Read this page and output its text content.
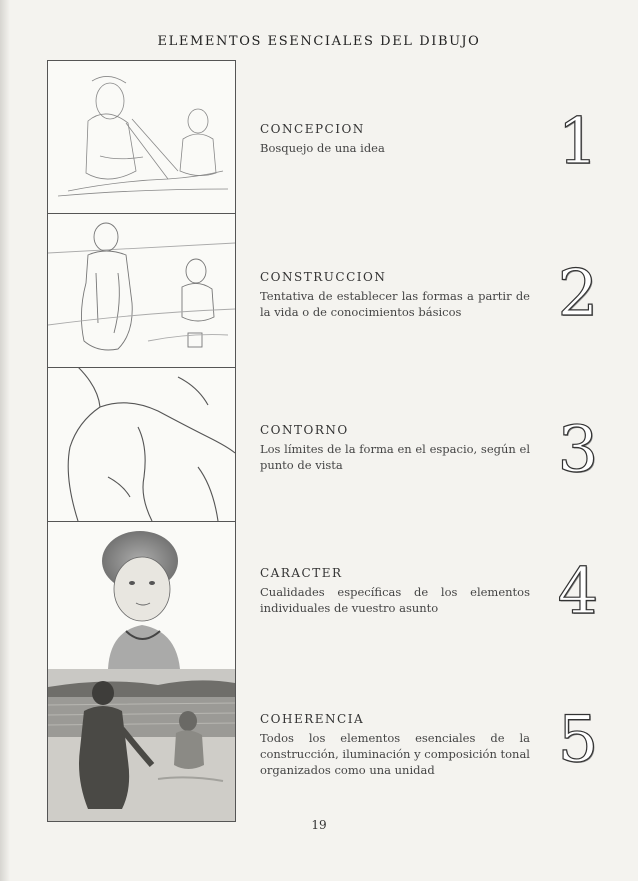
ELEMENTOS ESENCIALES DEL DIBUJO
CONCEPCION
Bosquejo de una idea	1
CONSTRUCCION
Tentativa de establecer las formas a partir de la vida o de conocimientos básicos	2
CONTORNO
Los límites de la forma en el espacio, según el punto de vista	3
CARACTER
Cualidades específicas de los elementos individuales de vuestro asunto	4
COHERENCIA
Todos los elementos esenciales de la construcción, iluminación y composición tonal organizados como una unidad	5
19
